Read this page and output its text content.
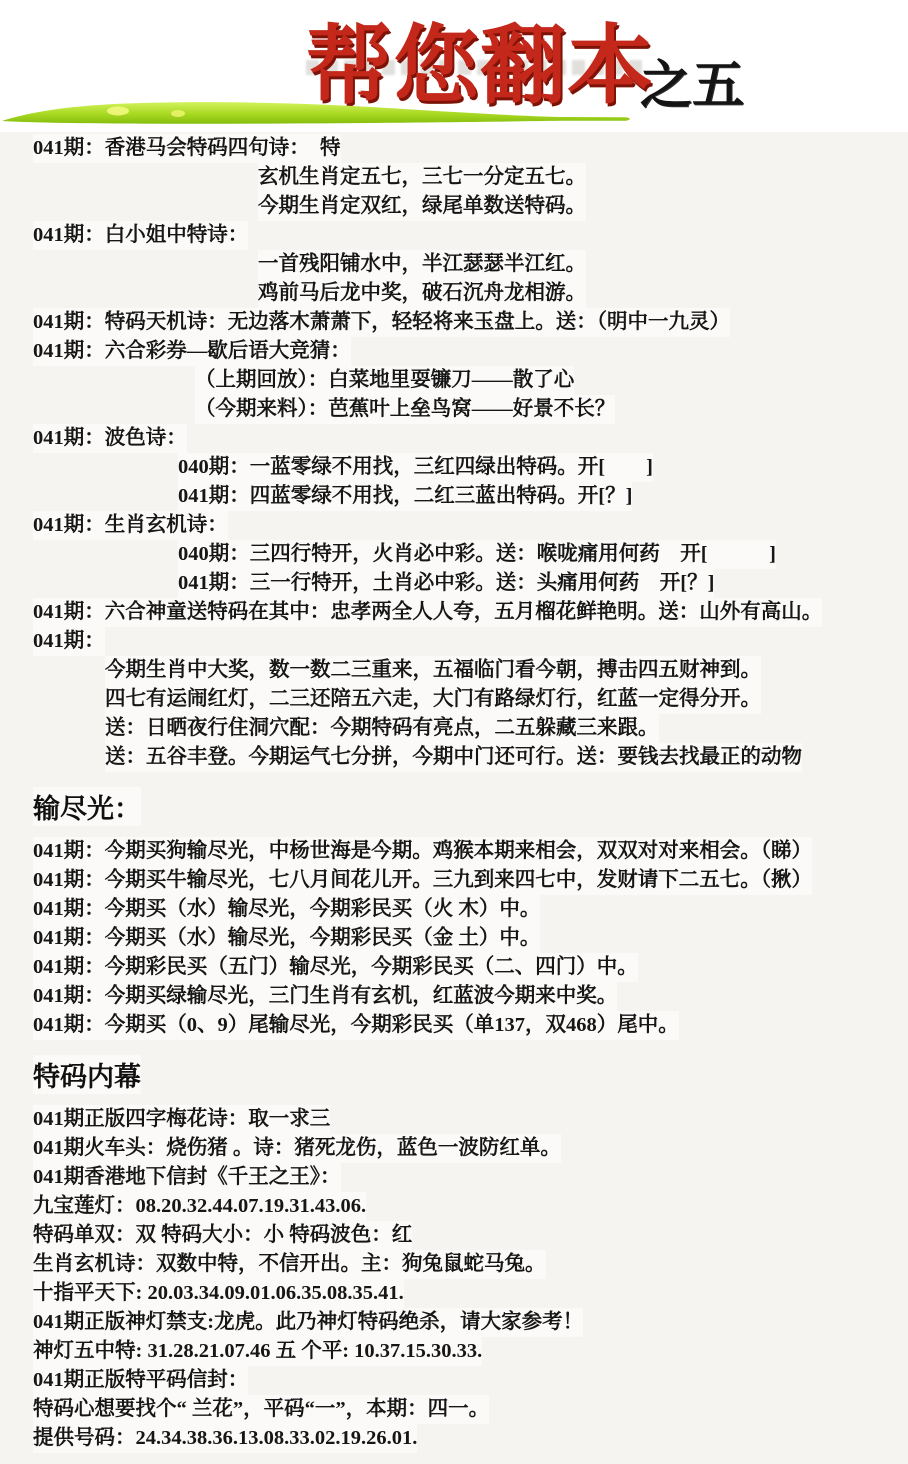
帮您翻本之五
041期：香港马会特码四句诗：　特
玄机生肖定五七，三七一分定五七。
今期生肖定双红，绿尾单数送特码。
041期：白小姐中特诗：
一首残阳铺水中，半江瑟瑟半江红。
鸡前马后龙中奖，破石沉舟龙相游。
041期：特码天机诗：无边落木萧萧下，轻轻将来玉盘上。送：（明中一九灵）
041期：六合彩券—歇后语大竞猜：
（上期回放）：白菜地里耍镰刀——散了心
（今期来料）：芭蕉叶上垒鸟窝——好景不长？
041期：波色诗：
040期：一蓝零绿不用找，三红四绿出特码。开[　　]
041期：四蓝零绿不用找，二红三蓝出特码。开[？]
041期：生肖玄机诗：
040期：三四行特开，火肖必中彩。送：喉咙痛用何药　开[　　　]
041期：三一行特开，土肖必中彩。送：头痛用何药　开[？]
041期：六合神童送特码在其中：忠孝两全人人夸，五月榴花鲜艳明。送：山外有高山。
041期：
今期生肖中大奖，数一数二三重来，五福临门看今朝，搏击四五财神到。
四七有运闹红灯，二三还陪五六走，大门有路绿灯行，红蓝一定得分开。
送：日晒夜行住洞穴配：今期特码有亮点，二五躲藏三来跟。
送：五谷丰登。今期运气七分拼，今期中门还可行。送：要钱去找最正的动物
输尽光：
041期：今期买狗输尽光，中杨世海是今期。鸡猴本期来相会，双双对对来相会。（睇）
041期：今期买牛输尽光，七八月间花儿开。三九到来四七中，发财请下二五七。（揪）
041期：今期买（水）输尽光，今期彩民买（火 木）中。
041期：今期买（水）输尽光，今期彩民买（金 土）中。
041期：今期彩民买（五门）输尽光，今期彩民买（二、四门）中。
041期：今期买绿输尽光，三门生肖有玄机，红蓝波今期来中奖。
041期：今期买（0、9）尾输尽光，今期彩民买（单137，双468）尾中。
特码内幕
041期正版四字梅花诗：取一求三
041期火车头：烧伤猪 。诗：猪死龙伤，蓝色一波防红单。
041期香港地下信封《千王之王》：
九宝莲灯：08.20.32.44.07.19.31.43.06.
特码单双：双 特码大小：小 特码波色：红
生肖玄机诗：双数中特，不信开出。主：狗兔鼠蛇马兔。
十指平天下: 20.03.34.09.01.06.35.08.35.41.
041期正版神灯禁支:龙虎。此乃神灯特码绝杀，请大家参考！
神灯五中特: 31.28.21.07.46 五 个平: 10.37.15.30.33.
041期正版特平码信封：
特码心想要找个“ 兰花”，平码“一”，本期：四一。
提供号码：24.34.38.36.13.08.33.02.19.26.01.
